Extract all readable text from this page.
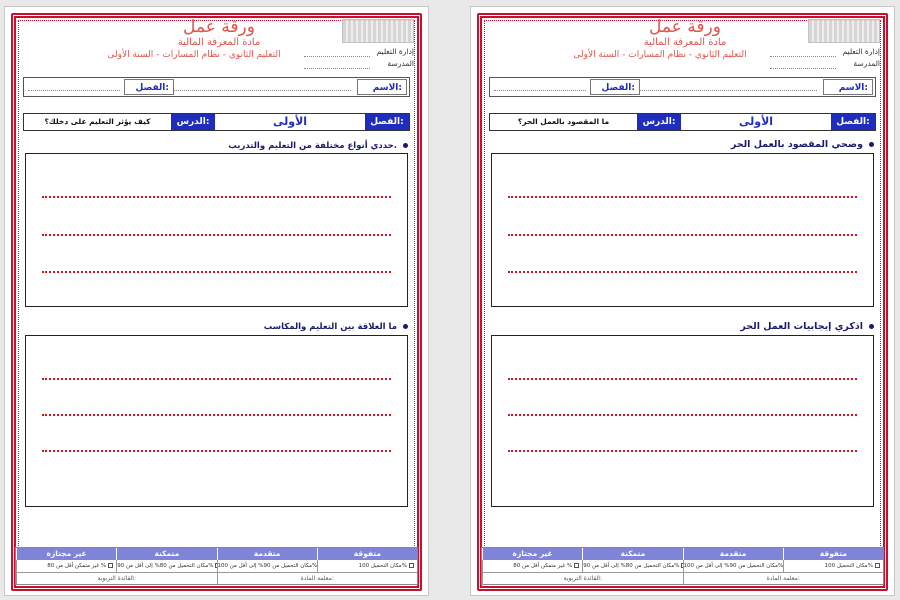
ورقة عمل
مادة المعرفة المالية
التعليم الثانوي - نظام المسارات - السنة الأولى	إدارة التعليم
المدرسة
·
الاسم:
الفصل:
الفصل:
الأولى
الدرس:
كيف يؤثر التعليم على دخلك؟
حددي أنواع مختلفة من التعليم والتدريب.
ما العلاقة بين التعليم والمكاسب
متفوقة
متقدمة
متمكنة
غير مجتازة
مكان التحميل 100%
مكان التحميل من 90% إلى أقل من 100%
مكان التحميل من 80% إلى أقل من 90%
غير متمكن أقل من 80 %
معلمة المادة:
القائدة التربوية:
ورقة عمل
مادة المعرفة المالية
التعليم الثانوي - نظام المسارات - السنة الأولى	إدارة التعليم
المدرسة
الاسم:
الفصل:
الفصل:
الأولى
الدرس:
ما المقصود بالعمل الحر؟
وضحي المقصود بالعمل الحر
اذكري إيجابيات العمل الحر
متفوقة
متقدمة
متمكنة
غير مجتازة
مكان التحميل 100%
مكان التحميل من 90% إلى أقل من 100%
مكان التحميل من 80% إلى أقل من 90%
غير متمكن أقل من 80 %
معلمة المادة:
القائدة التربوية:
